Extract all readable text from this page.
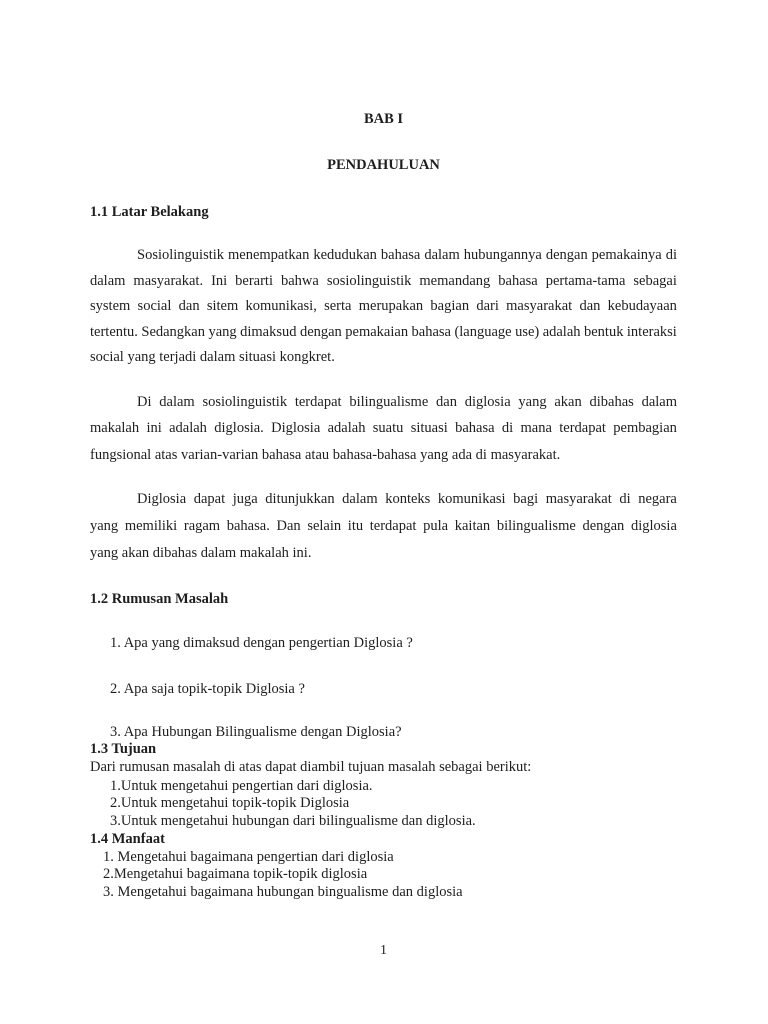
BAB I
PENDAHULUAN
1.1 Latar Belakang
Sosiolinguistik menempatkan kedudukan bahasa dalam hubungannya dengan pemakainya di
dalam masyarakat. Ini berarti bahwa sosiolinguistik memandang bahasa pertama-tama sebagai
system social dan sitem komunikasi, serta merupakan bagian dari masyarakat dan kebudayaan
tertentu. Sedangkan yang dimaksud dengan pemakaian bahasa (language use) adalah bentuk interaksi
social yang terjadi dalam situasi kongkret.
Di dalam sosiolinguistik terdapat bilingualisme dan diglosia yang akan dibahas dalam
makalah ini adalah diglosia. Diglosia adalah suatu situasi bahasa di mana terdapat pembagian
fungsional atas varian-varian bahasa atau bahasa-bahasa yang ada di masyarakat.
Diglosia dapat juga ditunjukkan dalam konteks komunikasi bagi masyarakat di negara
yang memiliki ragam bahasa. Dan selain itu terdapat pula kaitan bilingualisme dengan diglosia
yang akan dibahas dalam makalah ini.
1.2 Rumusan Masalah
1. Apa yang dimaksud dengan pengertian Diglosia ?
2. Apa saja topik-topik Diglosia ?
3. Apa Hubungan Bilingualisme dengan Diglosia?
1.3 Tujuan
Dari rumusan masalah di atas dapat diambil tujuan masalah sebagai berikut:
1.Untuk mengetahui pengertian dari diglosia.
2.Untuk mengetahui topik-topik Diglosia
3.Untuk mengetahui hubungan dari bilingualisme dan diglosia.
1.4 Manfaat
1. Mengetahui bagaimana pengertian dari diglosia
2.Mengetahui bagaimana topik-topik diglosia
3. Mengetahui bagaimana hubungan bingualisme dan diglosia
1
